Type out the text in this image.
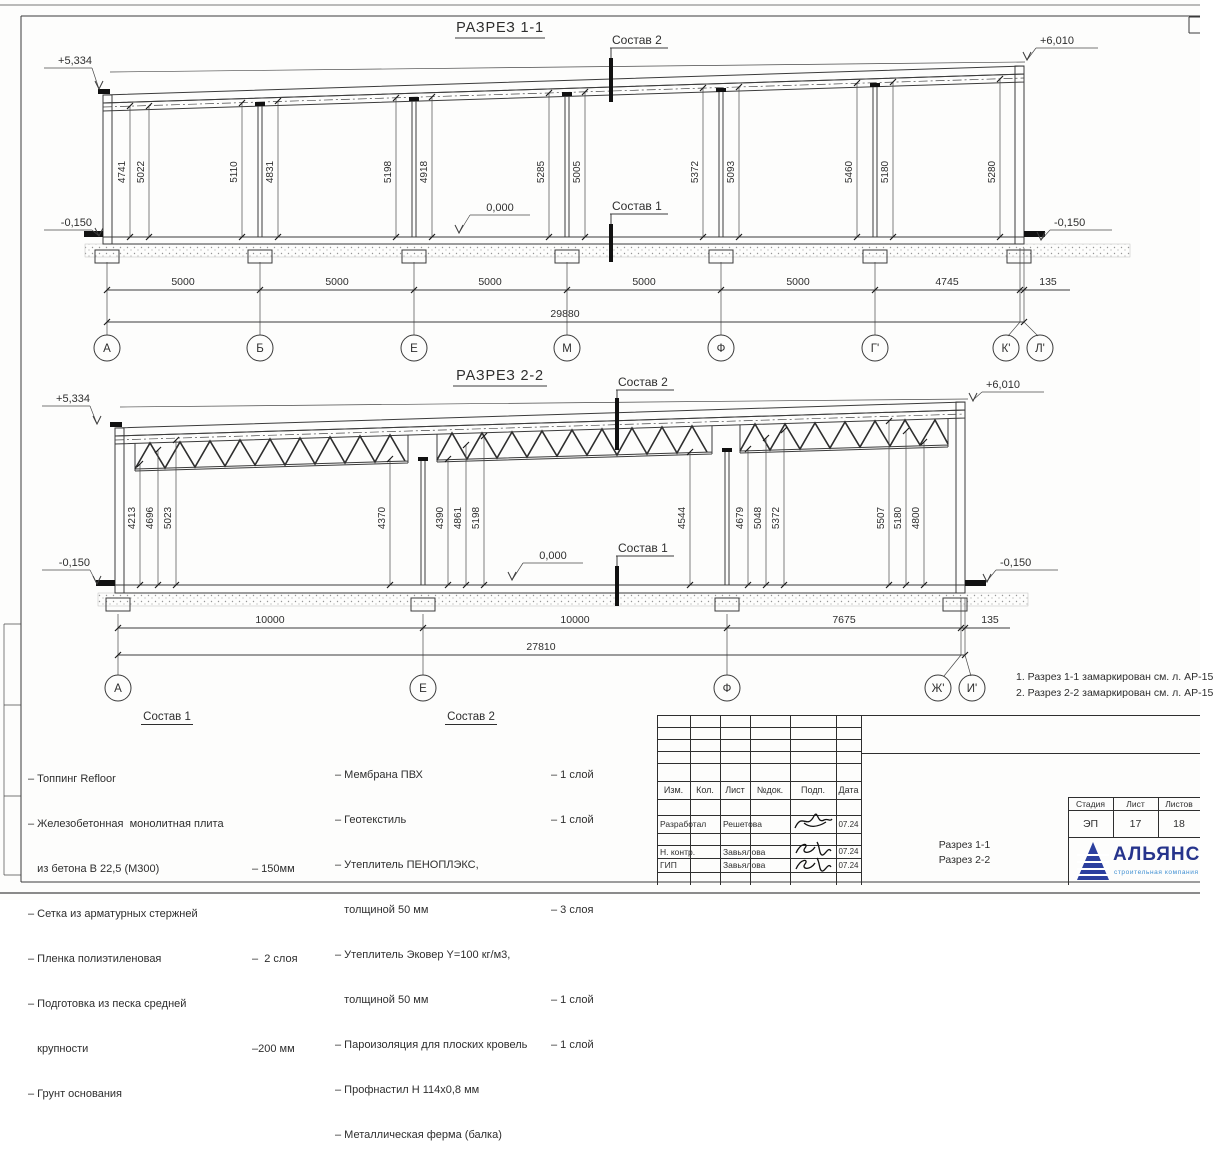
РАЗРЕЗ 1-1
4741 5022	5110	4831	5198	4918	5285	5005	5372	5093	5460	5180	5280
Состав 2
Состав 1
+5,334
-0,150
+6,010
-0,150
0,000
5000	5000	5000	5000	5000	4745	135
29880
А	Б	Е	М	Ф	Г'	К' Л'
РАЗРЕЗ 2-2
4213 4696 5023	4370	4390 4861 5198	4544	4679 5048 5372	5507 5180 4800
Состав 2
Состав 1
+5,334
-0,150
+6,010
-0,150
0,000
10000	10000	7675	135
27810
А	Е	Ф	Ж' И'
1. Разрез 1-1 замаркирован см. л. АР-15
2. Разрез 2-2 замаркирован см. л. АР-15
Состав 1

– Топпинг Refloor

– Железобетонная  монолитная плита

из бетона В 22,5 (М300)	– 150мм

– Сетка из арматурных стержней

– Пленка полиэтиленовая	–  2 слоя

– Подготовка из песка средней

крупности	–200 мм

– Грунт основания

Состав 2

– Мембрана ПВХ	– 1 слой

– Геотекстиль	– 1 слой

– Утеплитель ПЕНОПЛЭКС,

толщиной 50 мм	– 3 слоя

– Утеплитель Эковер Y=100 кг/м3,

толщиной 50 мм	– 1 слой

– Пароизоляция для плоских кровель	– 1 слой

– Профнастил Н 114х0,8 мм

– Металлическая ферма (балка)

Изм.	Кол.	Лист	№док.	Подп.	Дата
Разработал	Решетова	07.24
Н. контр.	Завьялова	07.24
ГИП	Завьялова	07.24
Стадия	Лист	Листов
ЭП	17	18
Разрез 1-1
Разрез 2-2	АЛЬЯНС
строительная компания
